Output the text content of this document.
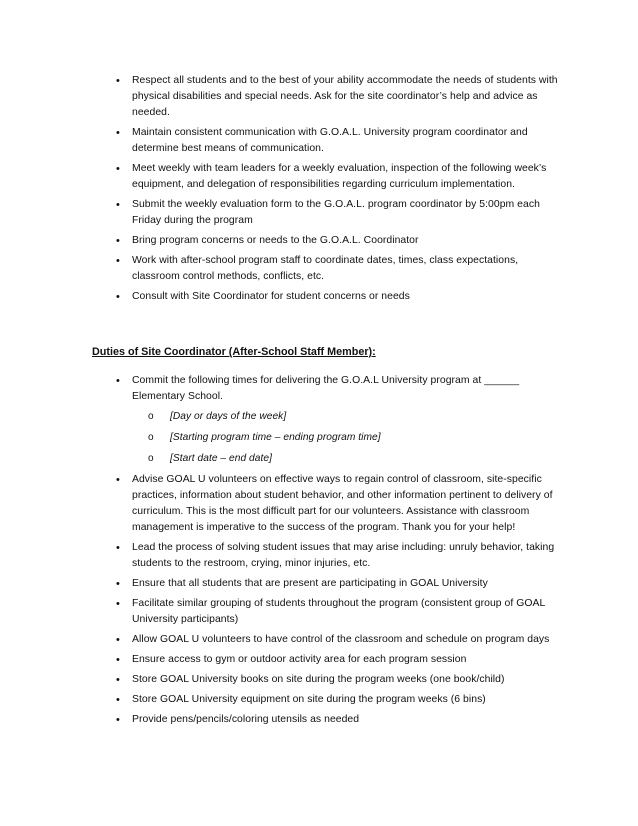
• Respect all students and to the best of your ability accommodate the needs of students with physical disabilities and special needs. Ask for the site coordinator’s help and advice as needed.
• Maintain consistent communication with G.O.A.L. University program coordinator and determine best means of communication.
• Meet weekly with team leaders for a weekly evaluation, inspection of the following week’s equipment, and delegation of responsibilities regarding curriculum implementation.
• Submit the weekly evaluation form to the G.O.A.L. program coordinator by 5:00pm each Friday during the program
• Bring program concerns or needs to the G.O.A.L. Coordinator
• Work with after-school program staff to coordinate dates, times, class expectations, classroom control methods, conflicts, etc.
• Consult with Site Coordinator for student concerns or needs
Duties of Site Coordinator (After-School Staff Member):
• Commit the following times for delivering the G.O.A.L University program at ______ Elementary School.
o [Day or days of the week]
o [Starting program time – ending program time]
o [Start date – end date]
• Advise GOAL U volunteers on effective ways to regain control of classroom, site-specific practices, information about student behavior, and other information pertinent to delivery of curriculum. This is the most difficult part for our volunteers. Assistance with classroom management is imperative to the success of the program. Thank you for your help!
• Lead the process of solving student issues that may arise including: unruly behavior, taking students to the restroom, crying, minor injuries, etc.
• Ensure that all students that are present are participating in GOAL University
• Facilitate similar grouping of students throughout the program (consistent group of GOAL University participants)
• Allow GOAL U volunteers to have control of the classroom and schedule on program days
• Ensure access to gym or outdoor activity area for each program session
• Store GOAL University books on site during the program weeks (one book/child)
• Store GOAL University equipment on site during the program weeks (6 bins)
• Provide pens/pencils/coloring utensils as needed
